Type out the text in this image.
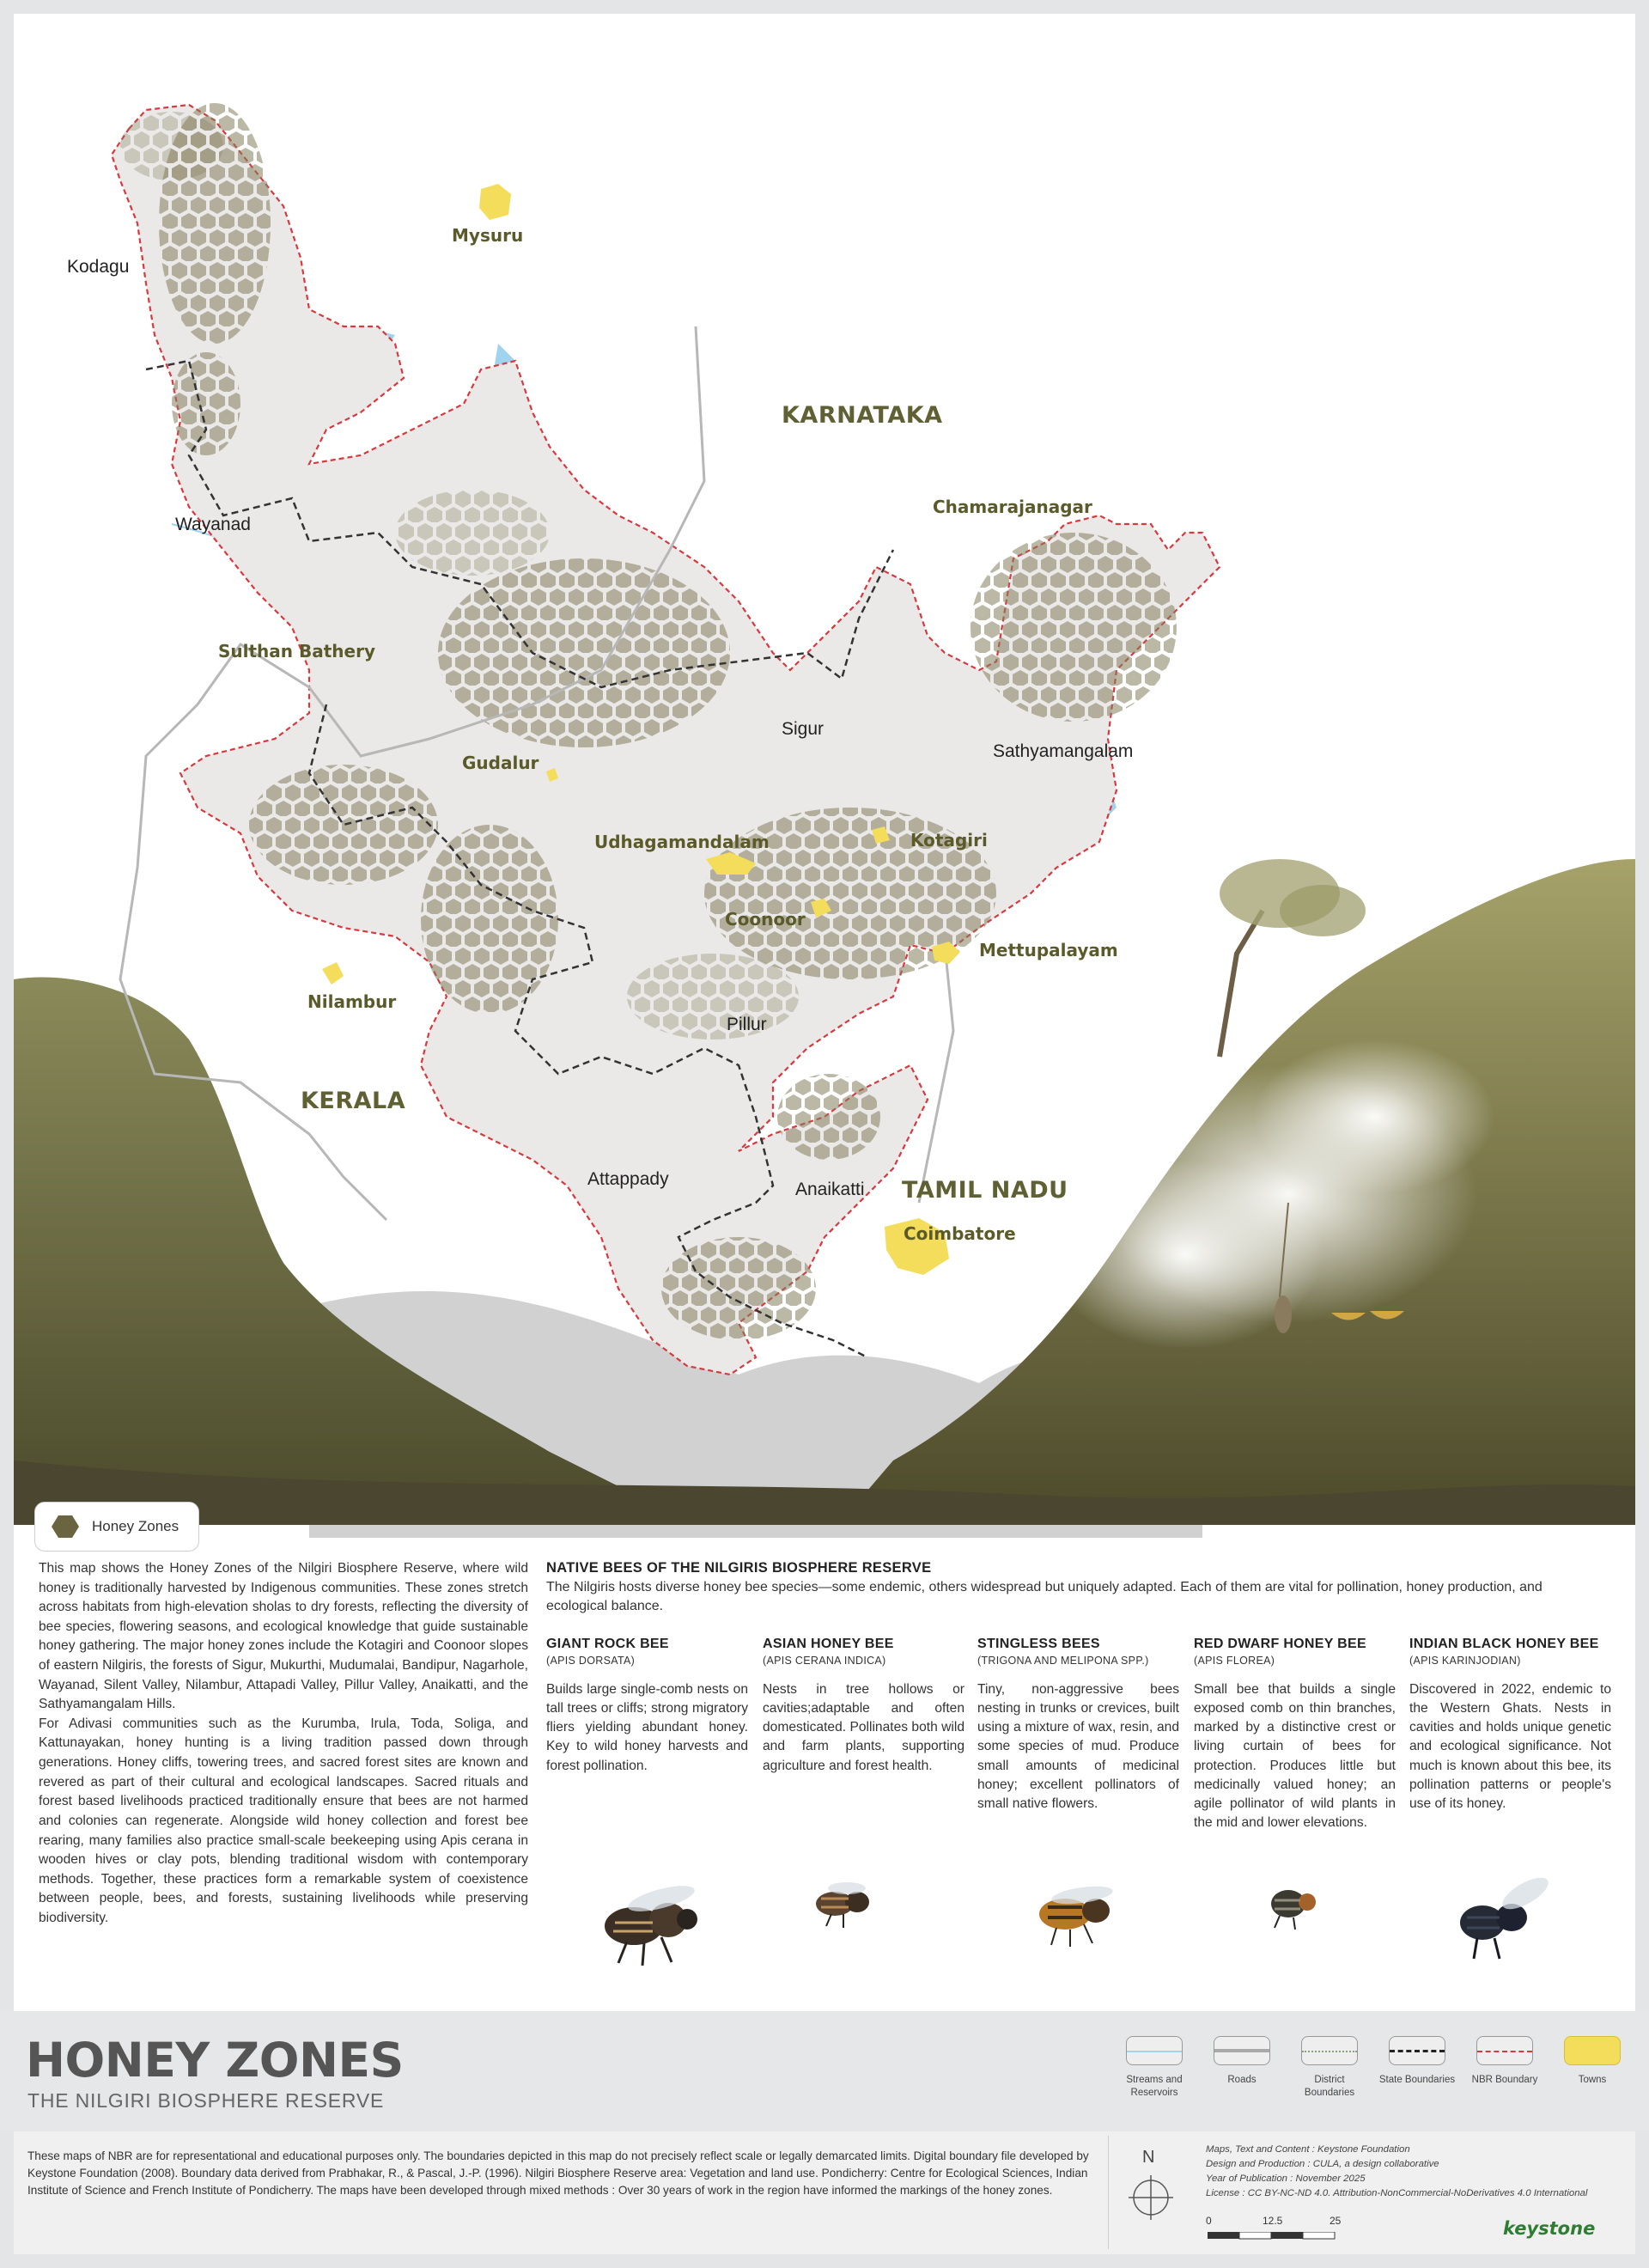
KARNATAKA
KERALA
TAMIL NADU
Kodagu
Wayanad
Sigur
Sathyamangalam
Pillur
Attappady
Anaikatti
Mysuru
Chamarajanagar
Sulthan Bathery
Gudalur
Udhagamandalam	Kotagiri
Coonoor
Mettupalayam
Nilambur
Coimbatore
Honey Zones

This map shows the Honey Zones of the Nilgiri Biosphere Reserve, where wild honey is traditionally harvested by Indigenous communities. These zones stretch across habitats from high-elevation sholas to dry forests, reflecting the diversity of bee species, flowering seasons, and ecological knowledge that guide sustainable honey gathering. The major honey zones include the Kotagiri and Coonoor slopes of eastern Nilgiris, the forests of Sigur, Mukurthi, Mudumalai, Bandipur, Nagarhole, Wayanad, Silent Valley, Nilambur, Attapadi Valley, Pillur Valley, Anaikatti, and the Sathyamangalam Hills.

For Adivasi communities such as the Kurumba, Irula, Toda, Soliga, and Kattunayakan, honey hunting is a living tradition passed down through generations. Honey cliffs, towering trees, and sacred forest sites are known and revered as part of their cultural and ecological landscapes. Sacred rituals and forest based livelihoods practiced traditionally ensure that bees are not harmed and colonies can regenerate. Alongside wild honey collection and forest bee rearing, many families also practice small-scale beekeeping using Apis cerana in wooden hives or clay pots, blending traditional wisdom with contemporary methods. Together, these practices form a remarkable system of coexistence between people, bees, and forests, sustaining livelihoods while preserving biodiversity.

NATIVE BEES OF THE NILGIRIS BIOSPHERE RESERVE

The Nilgiris hosts diverse honey bee species—some endemic, others widespread but uniquely adapted. Each of them are vital for pollination, honey production, and ecological balance.

GIANT ROCK BEE
(APIS DORSATA)
Builds large single-comb nests on tall trees or cliffs; strong migratory fliers yielding abundant honey. Key to wild honey harvests and forest pollination.
ASIAN HONEY BEE
(APIS CERANA INDICA)
Nests in tree hollows or cavities;adaptable and often domesticated. Pollinates both wild and farm plants, supporting agriculture and forest health.
STINGLESS BEES
(TRIGONA AND MELIPONA SPP.)
Tiny, non-aggressive bees nesting in trunks or crevices, built using a mixture of wax, resin, and some species of mud. Produce small amounts of medicinal honey; excellent pollinators of small native flowers.
RED DWARF HONEY BEE
(APIS FLOREA)
Small bee that builds a single exposed comb on thin branches, marked by a distinctive crest or living curtain of bees for protection. Produces little but medicinally valued honey; an agile pollinator of wild plants in the mid and lower elevations.
INDIAN BLACK HONEY BEE
(APIS KARINJODIAN)
Discovered in 2022, endemic to the Western Ghats. Nests in cavities and holds unique genetic and ecological significance. Not much is known about this bee, its pollination patterns or people's use of its honey.
HONEY ZONES
THE NILGIRI BIOSPHERE RESERVE
Streams and Reservoirs
Roads	District Boundaries
State Boundaries	NBR Boundary	Towns
These maps of NBR are for representational and educational purposes only. The boundaries depicted in this map do not precisely reflect scale or legally demarcated limits. Digital boundary file developed by Keystone Foundation (2008). Boundary data derived from Prabhakar, R., & Pascal, J.-P. (1996). Nilgiri Biosphere Reserve area: Vegetation and land use. Pondicherry: Centre for Ecological Sciences, Indian Institute of Science and French Institute of Pondicherry. The maps have been developed through mixed methods : Over 30 years of work in the region have informed the markings of the honey zones.
N	Maps, Text and Content : Keystone Foundation
Design and Production : CULA, a design collaborative
Year of Publication : November 2025
License : CC BY-NC-ND 4.0. Attribution-NonCommercial-NoDerivatives 4.0 International
0	12.5	25	keystone
